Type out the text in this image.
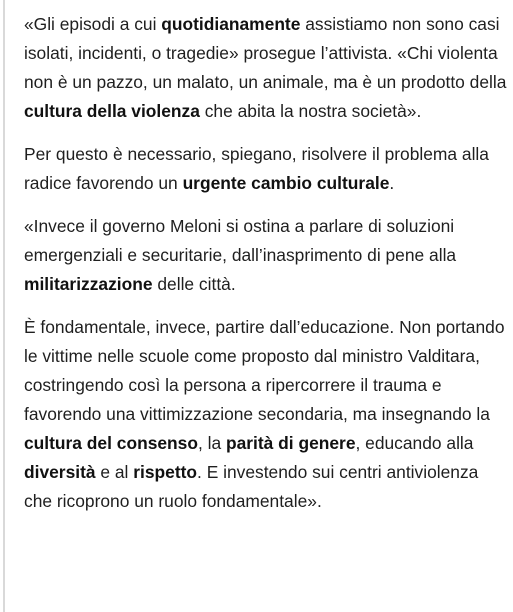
«Gli episodi a cui quotidianamente assistiamo non sono casi isolati, incidenti, o tragedie» prosegue l’attivista. «Chi violenta non è un pazzo, un malato, un animale, ma è un prodotto della cultura della violenza che abita la nostra società».

Per questo è necessario, spiegano, risolvere il problema alla radice favorendo un urgente cambio culturale.

«Invece il governo Meloni si ostina a parlare di soluzioni emergenziali e securitarie, dall’inasprimento di pene alla militarizzazione delle città.

È fondamentale, invece, partire dall’educazione. Non portando le vittime nelle scuole come proposto dal ministro Valditara, costringendo così la persona a ripercorrere il trauma e favorendo una vittimizzazione secondaria, ma insegnando la cultura del consenso, la parità di genere, educando alla diversità e al rispetto. E investendo sui centri antiviolenza che ricoprono un ruolo fondamentale».
